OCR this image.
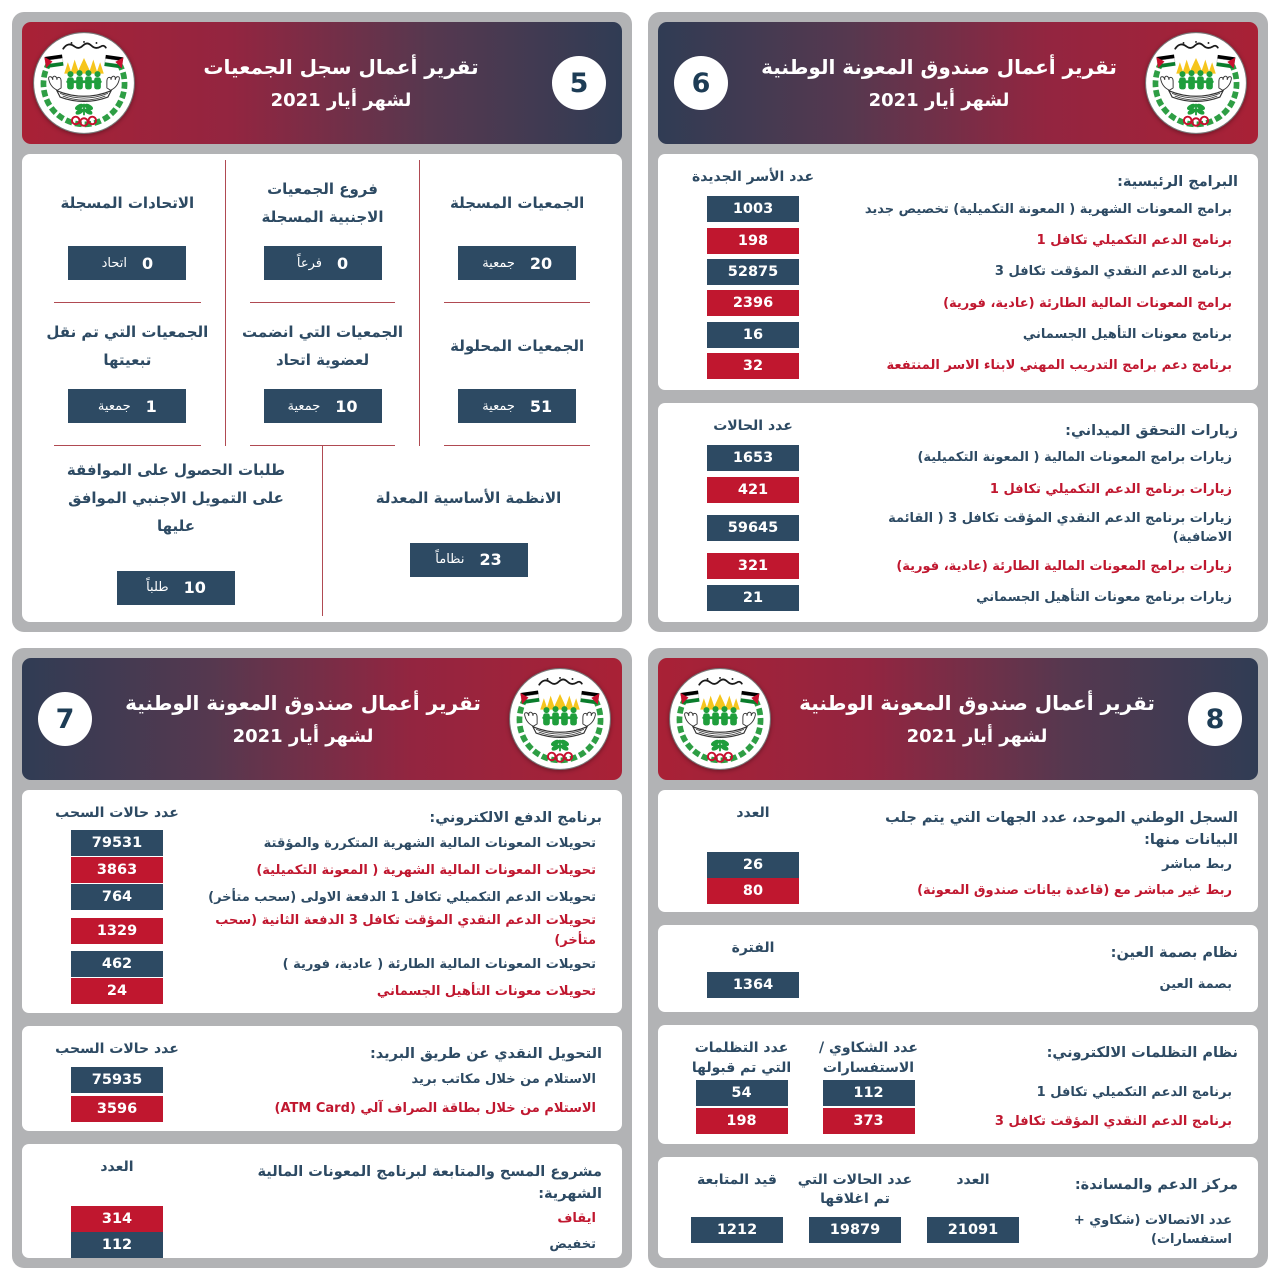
تقرير أعمال سجل الجمعيات
لشهر أيار 2021
5
الجمعيات المسجلة
20
جمعية
فروع الجمعيات الاجنبية المسجلة
0
فرعاً
الاتحادات المسجلة
0
اتحاد
الجمعيات المحلولة
51
جمعية
الجمعيات التي انضمت لعضوية اتحاد
10
جمعية
الجمعيات التي تم نقل تبعيتها
1
جمعية
الانظمة الأساسية المعدلة
23
نظاماً
طلبات الحصول على الموافقة على التمويل الاجنبي الموافق عليها
10
طلباً
6
تقرير أعمال صندوق المعونة الوطنية
لشهر أيار 2021
البرامج الرئيسية:
عدد الأسر الجديدة
برامج المعونات الشهرية ( المعونة التكميلية) تخصيص جديد
1003
برنامج الدعم التكميلي تكافل 1
198
برنامج الدعم النقدي المؤقت تكافل 3
52875
برامج المعونات المالية الطارئة (عادية، فورية)
2396
برنامج معونات التأهيل الجسماني
16
برنامج دعم برامج التدريب المهني لابناء الاسر المنتفعة
32
زيارات التحقق الميداني:
عدد الحالات
زيارات برامج المعونات المالية ( المعونة التكميلية)
1653
زيارات برنامج الدعم التكميلي تكافل 1
421
زيارات برنامج الدعم النقدي المؤقت تكافل 3 ( القائمة الاضافية)
59645
زيارات برامج المعونات المالية الطارئة (عادية، فورية)
321
زيارات برنامج معونات التأهيل الجسماني
21
7
تقرير أعمال صندوق المعونة الوطنية
لشهر أيار 2021
برنامج الدفع الالكتروني:
عدد حالات السحب
تحويلات المعونات المالية الشهرية المتكررة والمؤقتة
79531
تحويلات المعونات المالية الشهرية ( المعونة التكميلية)
3863
تحويلات الدعم التكميلي تكافل 1 الدفعة الاولى (سحب متأخر)
764
تحويلات الدعم النقدي المؤقت تكافل 3 الدفعة الثانية (سحب متأخر)
1329
تحويلات المعونات المالية الطارئة ( عادية، فورية )
462
تحويلات معونات التأهيل الجسماني
24
التحويل النقدي عن طريق البريد:
عدد حالات السحب
الاستلام من خلال مكاتب بريد
75935
الاستلام من خلال بطاقة الصراف آلي (ATM Card)
3596
مشروع المسح والمتابعة لبرنامج المعونات المالية الشهرية:
العدد
ايقاف
314
تخفيض
112
تقرير أعمال صندوق المعونة الوطنية
لشهر أيار 2021
8
السجل الوطني الموحد، عدد الجهات التي يتم جلب البيانات منها:
العدد
ربط مباشر
26
ربط غير مباشر مع (قاعدة بيانات صندوق المعونة)
80
نظام بصمة العين:
الفترة
بصمة العين
1364
نظام التظلمات الالكتروني:
عدد الشكاوي / الاستفسارات
عدد التظلمات التي تم قبولها
برنامج الدعم التكميلي تكافل 1
112
54
برنامج الدعم النقدي المؤقت تكافل 3
373
198
مركز الدعم والمساندة:
العدد
عدد الحالات التي تم اغلاقها
قيد المتابعة
عدد الاتصالات (شكاوي + استفسارات)
21091
19879
1212
